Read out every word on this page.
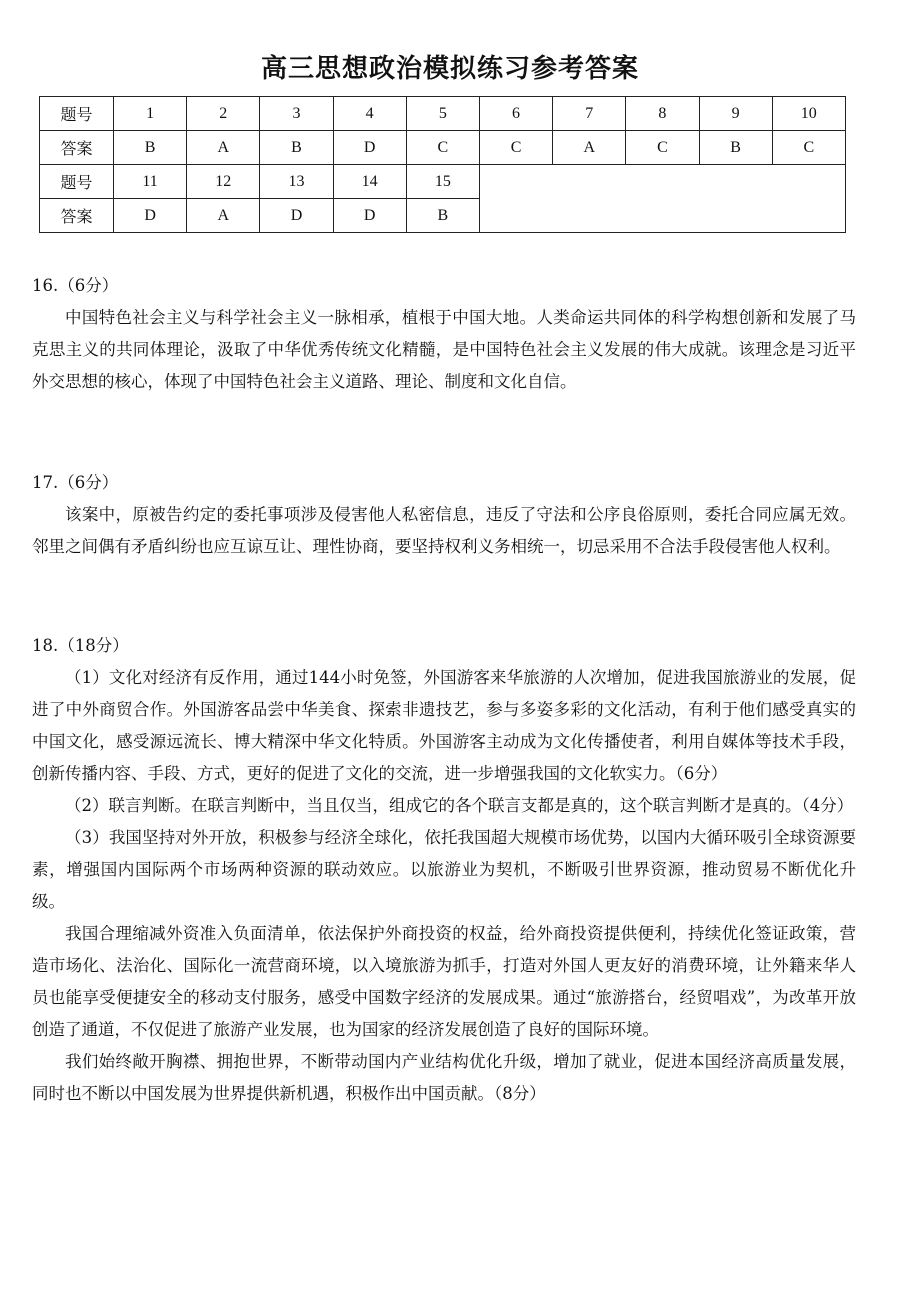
高三思想政治模拟练习参考答案
题号	1	2	3	4	5	6	7	8	9	10
答案	B	A	B	D	C	C	A	C	B	C
题号	11	12	13	14	15					
答案	D	A	D	D	B					
16.（6分）

中国特色社会主义与科学社会主义一脉相承，植根于中国大地。人类命运共同体的科学构想创新和发展了马克思主义的共同体理论，汲取了中华优秀传统文化精髓，是中国特色社会主义发展的伟大成就。该理念是习近平外交思想的核心，体现了中国特色社会主义道路、理论、制度和文化自信。

17.（6分）

该案中，原被告约定的委托事项涉及侵害他人私密信息，违反了守法和公序良俗原则，委托合同应属无效。邻里之间偶有矛盾纠纷也应互谅互让、理性协商，要坚持权利义务相统一，切忌采用不合法手段侵害他人权利。

18.（18分）

（1）文化对经济有反作用，通过144小时免签，外国游客来华旅游的人次增加，促进我国旅游业的发展，促进了中外商贸合作。外国游客品尝中华美食、探索非遗技艺，参与多姿多彩的文化活动，有利于他们感受真实的中国文化，感受源远流长、博大精深中华文化特质。外国游客主动成为文化传播使者，利用自媒体等技术手段，创新传播内容、手段、方式，更好的促进了文化的交流，进一步增强我国的文化软实力。（6分）

（2）联言判断。在联言判断中，当且仅当，组成它的各个联言支都是真的，这个联言判断才是真的。（4分）

（3）我国坚持对外开放，积极参与经济全球化，依托我国超大规模市场优势，以国内大循环吸引全球资源要素，增强国内国际两个市场两种资源的联动效应。以旅游业为契机，不断吸引世界资源，推动贸易不断优化升级。

我国合理缩减外资准入负面清单，依法保护外商投资的权益，给外商投资提供便利，持续优化签证政策，营造市场化、法治化、国际化一流营商环境，以入境旅游为抓手，打造对外国人更友好的消费环境，让外籍来华人员也能享受便捷安全的移动支付服务，感受中国数字经济的发展成果。通过“旅游搭台，经贸唱戏”，为改革开放创造了通道，不仅促进了旅游产业发展，也为国家的经济发展创造了良好的国际环境。

我们始终敞开胸襟、拥抱世界，不断带动国内产业结构优化升级，增加了就业，促进本国经济高质量发展，同时也不断以中国发展为世界提供新机遇，积极作出中国贡献。（8分）
